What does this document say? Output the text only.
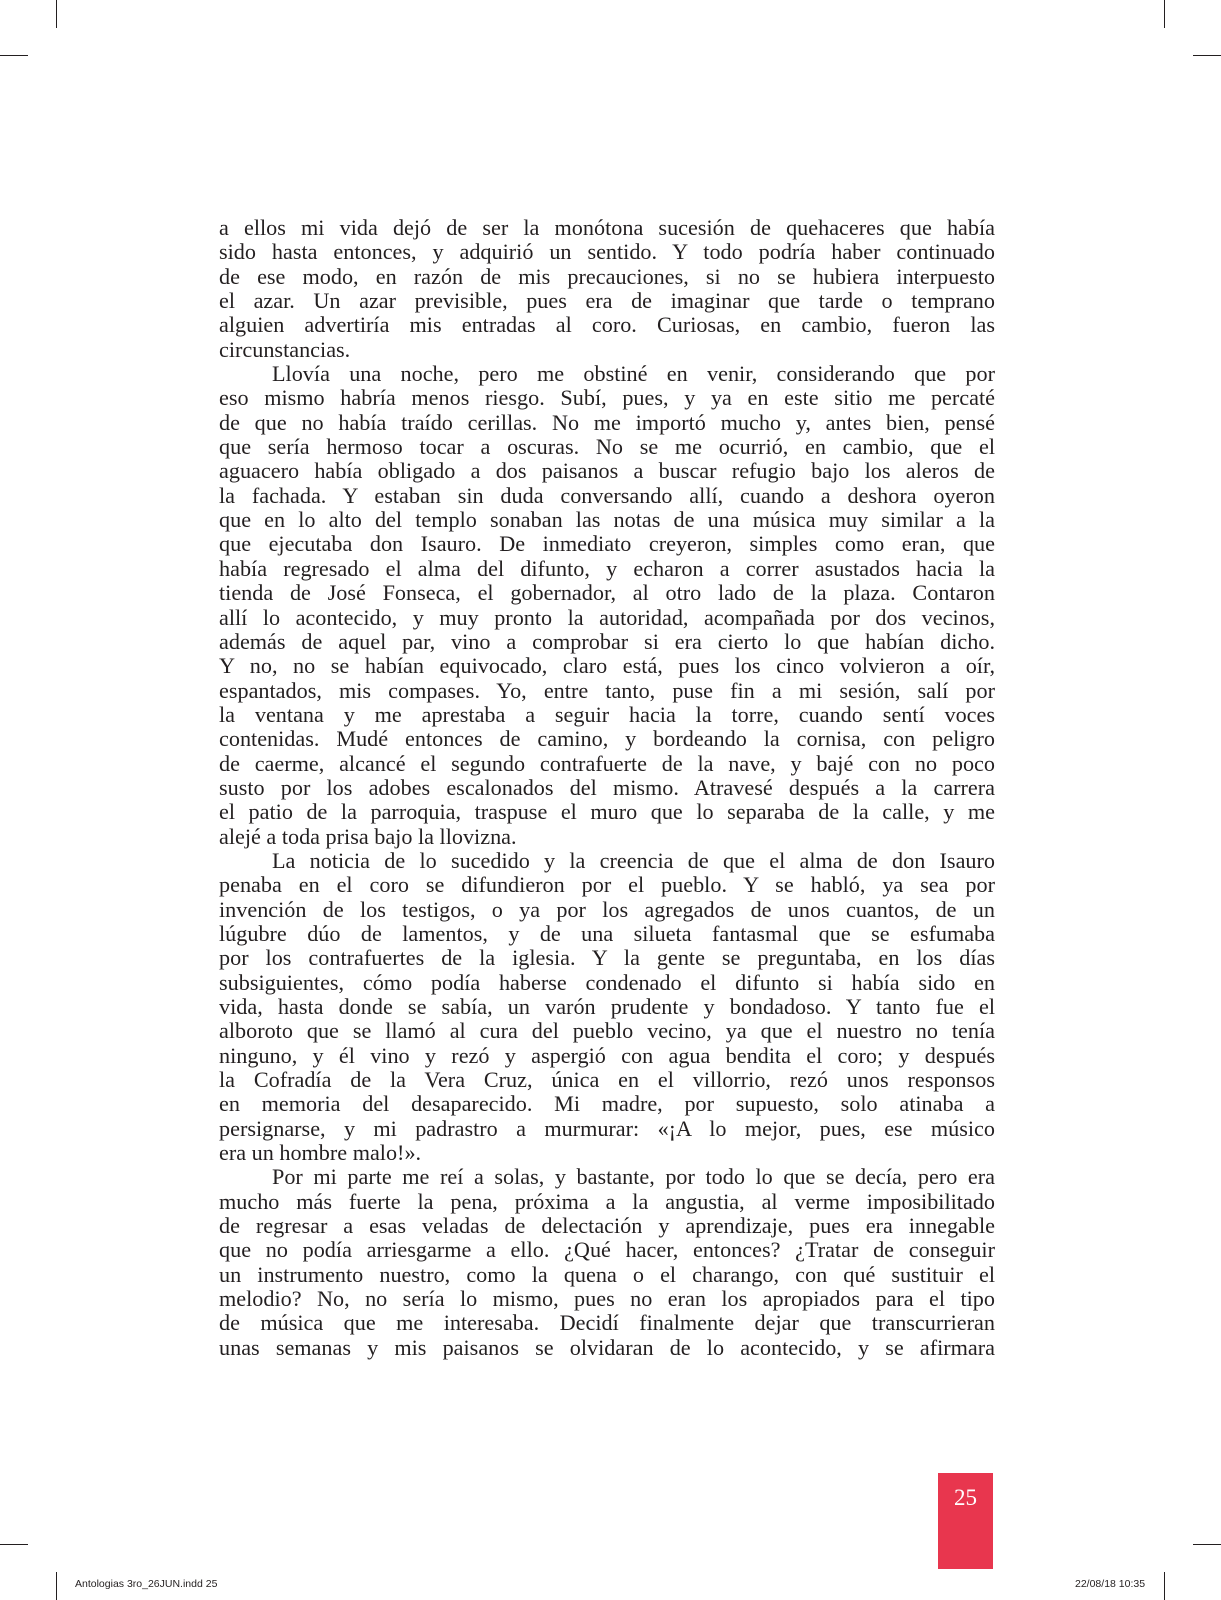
a ellos mi vida dejó de ser la monótona sucesión de quehaceres que había

sido hasta entonces, y adquirió un sentido. Y todo podría haber continuado

de ese modo, en razón de mis precauciones, si no se hubiera interpuesto

el azar. Un azar previsible, pues era de imaginar que tarde o temprano

alguien advertiría mis entradas al coro. Curiosas, en cambio, fueron las

circunstancias.

Llovía una noche, pero me obstiné en venir, considerando que por

eso mismo habría menos riesgo. Subí, pues, y ya en este sitio me percaté

de que no había traído cerillas. No me importó mucho y, antes bien, pensé

que sería hermoso tocar a oscuras. No se me ocurrió, en cambio, que el

aguacero había obligado a dos paisanos a buscar refugio bajo los aleros de

la fachada. Y estaban sin duda conversando allí, cuando a deshora oyeron

que en lo alto del templo sonaban las notas de una música muy similar a la

que ejecutaba don Isauro. De inmediato creyeron, simples como eran, que

había regresado el alma del difunto, y echaron a correr asustados hacia la

tienda de José Fonseca, el gobernador, al otro lado de la plaza. Contaron

allí lo acontecido, y muy pronto la autoridad, acompañada por dos vecinos,

además de aquel par, vino a comprobar si era cierto lo que habían dicho.

Y no, no se habían equivocado, claro está, pues los cinco volvieron a oír,

espantados, mis compases. Yo, entre tanto, puse fin a mi sesión, salí por

la ventana y me aprestaba a seguir hacia la torre, cuando sentí voces

contenidas. Mudé entonces de camino, y bordeando la cornisa, con peligro

de caerme, alcancé el segundo contrafuerte de la nave, y bajé con no poco

susto por los adobes escalonados del mismo. Atravesé después a la carrera

el patio de la parroquia, traspuse el muro que lo separaba de la calle, y me

alejé a toda prisa bajo la llovizna.

La noticia de lo sucedido y la creencia de que el alma de don Isauro

penaba en el coro se difundieron por el pueblo. Y se habló, ya sea por

invención de los testigos, o ya por los agregados de unos cuantos, de un

lúgubre dúo de lamentos, y de una silueta fantasmal que se esfumaba

por los contrafuertes de la iglesia. Y la gente se preguntaba, en los días

subsiguientes, cómo podía haberse condenado el difunto si había sido en

vida, hasta donde se sabía, un varón prudente y bondadoso. Y tanto fue el

alboroto que se llamó al cura del pueblo vecino, ya que el nuestro no tenía

ninguno, y él vino y rezó y aspergió con agua bendita el coro; y después

la Cofradía de la Vera Cruz, única en el villorrio, rezó unos responsos

en memoria del desaparecido. Mi madre, por supuesto, solo atinaba a

persignarse, y mi padrastro a murmurar: «¡A lo mejor, pues, ese músico

era un hombre malo!».

Por mi parte me reí a solas, y bastante, por todo lo que se decía, pero era

mucho más fuerte la pena, próxima a la angustia, al verme imposibilitado

de regresar a esas veladas de delectación y aprendizaje, pues era innegable

que no podía arriesgarme a ello. ¿Qué hacer, entonces? ¿Tratar de conseguir

un instrumento nuestro, como la quena o el charango, con qué sustituir el

melodio? No, no sería lo mismo, pues no eran los apropiados para el tipo

de música que me interesaba. Decidí finalmente dejar que transcurrieran

unas semanas y mis paisanos se olvidaran de lo acontecido, y se afirmara

25
Antologias 3ro_26JUN.indd 25	22/08/18 10:35
